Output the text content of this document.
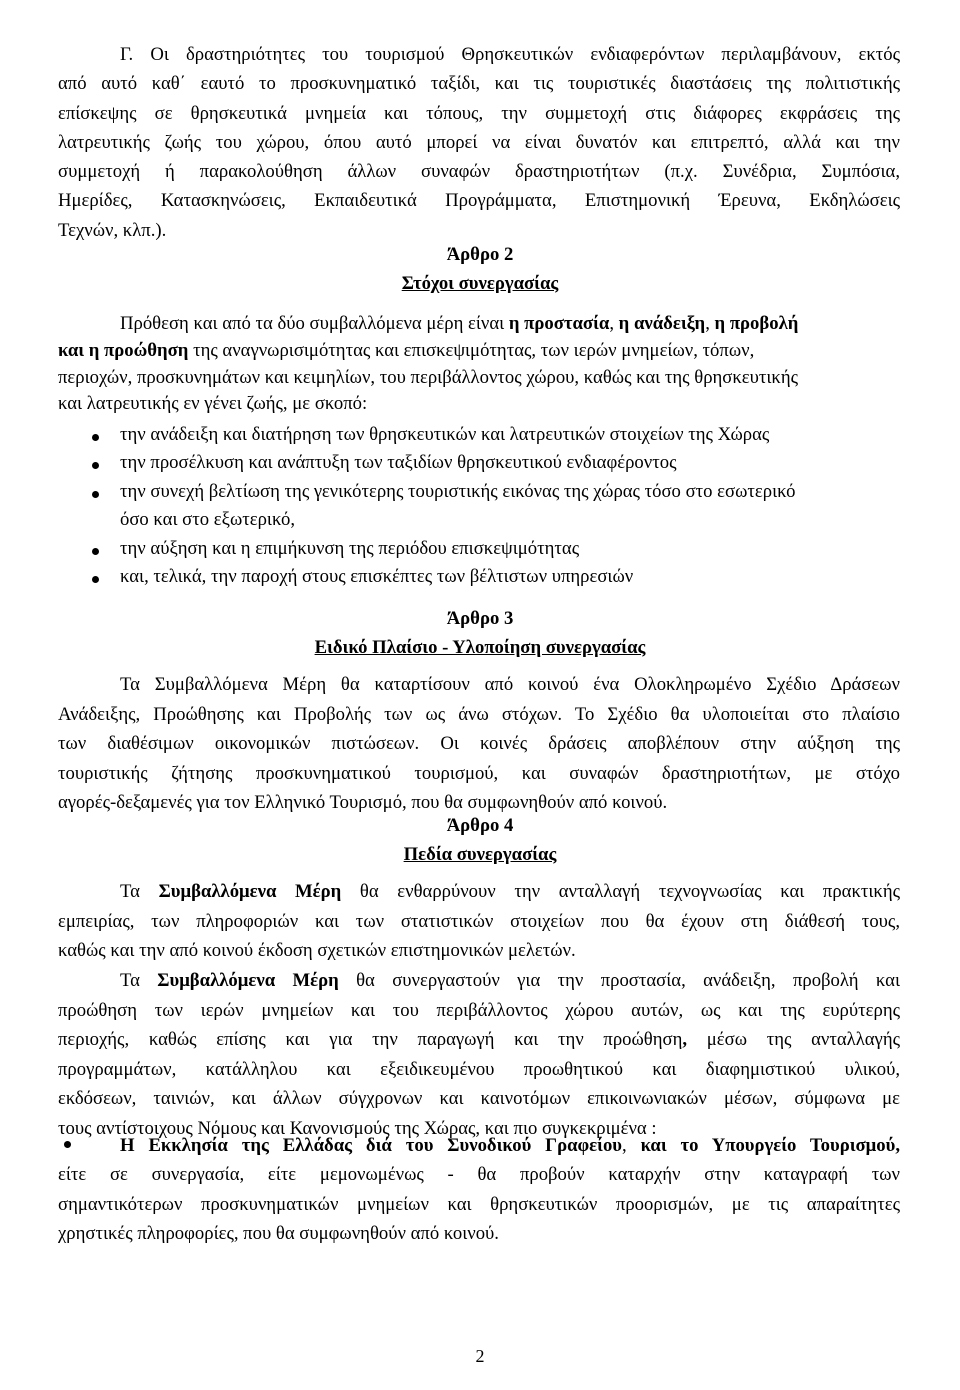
Γ. Οι δραστηριότητες του τουρισμού Θρησκευτικών ενδιαφερόντων περιλαμβάνουν, εκτός
από αυτό καθ΄ εαυτό το προσκυνηματικό ταξίδι, και τις τουριστικές διαστάσεις της πολιτιστικής
επίσκεψης σε θρησκευτικά μνημεία και τόπους, την συμμετοχή στις διάφορες εκφράσεις της
λατρευτικής ζωής του χώρου, όπου αυτό μπορεί να είναι δυνατόν και επιτρεπτό, αλλά και την
συμμετοχή ή παρακολούθηση άλλων συναφών δραστηριοτήτων (π.χ. Συνέδρια, Συμπόσια,
Ημερίδες, Κατασκηνώσεις, Εκπαιδευτικά Προγράμματα, Επιστημονική Έρευνα, Εκδηλώσεις
Τεχνών, κλπ.).
Άρθρο 2
Στόχοι συνεργασίας
Πρόθεση και από τα δύο συμβαλλόμενα μέρη είναι η προστασία, η ανάδειξη, η προβολή
και η προώθηση της αναγνωρισιμότητας και επισκεψιμότητας, των ιερών μνημείων, τόπων,
περιοχών, προσκυνημάτων και κειμηλίων, του περιβάλλοντος χώρου, καθώς και της θρησκευτικής
και λατρευτικής εν γένει ζωής, με σκοπό:
την ανάδειξη και διατήρηση των θρησκευτικών και λατρευτικών στοιχείων της Χώρας
την προσέλκυση και ανάπτυξη των ταξιδίων θρησκευτικού ενδιαφέροντος
την συνεχή βελτίωση της γενικότερης τουριστικής εικόνας της χώρας τόσο στο εσωτερικό
όσο και στο εξωτερικό,
την αύξηση και η επιμήκυνση της περιόδου επισκεψιμότητας
και, τελικά, την παροχή στους επισκέπτες των βέλτιστων υπηρεσιών
Άρθρο 3
Ειδικό Πλαίσιο - Υλοποίηση συνεργασίας
Τα Συμβαλλόμενα Μέρη θα καταρτίσουν από κοινού ένα Ολοκληρωμένο Σχέδιο Δράσεων
Ανάδειξης, Προώθησης και Προβολής των ως άνω στόχων. Το Σχέδιο θα υλοποιείται στο πλαίσιο
των διαθέσιμων οικονομικών πιστώσεων. Οι κοινές δράσεις αποβλέπουν στην αύξηση της
τουριστικής ζήτησης προσκυνηματικού τουρισμού, και συναφών δραστηριοτήτων, με στόχο
αγορές-δεξαμενές για τον Ελληνικό Τουρισμό, που θα συμφωνηθούν από κοινού.
Άρθρο 4
Πεδία συνεργασίας
Τα Συμβαλλόμενα Μέρη θα ενθαρρύνουν την ανταλλαγή τεχνογνωσίας και πρακτικής
εμπειρίας, των πληροφοριών και των στατιστικών στοιχείων που θα έχουν στη διάθεσή τους,
καθώς και την από κοινού έκδοση σχετικών επιστημονικών μελετών.
Τα Συμβαλλόμενα Μέρη θα συνεργαστούν για την προστασία, ανάδειξη, προβολή και
προώθηση των ιερών μνημείων και του περιβάλλοντος χώρου αυτών, ως και της ευρύτερης
περιοχής, καθώς επίσης και για την παραγωγή και την προώθηση, μέσω της ανταλλαγής
προγραμμάτων, κατάλληλου και εξειδικευμένου προωθητικού και διαφημιστικού υλικού,
εκδόσεων, ταινιών, και άλλων σύγχρονων και καινοτόμων επικοινωνιακών μέσων, σύμφωνα με
τους αντίστοιχους Νόμους και Κανονισμούς της Χώρας, και πιο συγκεκριμένα :
Η Εκκλησία της Ελλάδας διά του Συνοδικού Γραφείου, και το Υπουργείο Τουρισμού,
είτε σε συνεργασία, είτε μεμονωμένως - θα προβούν καταρχήν στην καταγραφή των
σημαντικότερων προσκυνηματικών μνημείων και θρησκευτικών προορισμών, με τις απαραίτητες
χρηστικές πληροφορίες, που θα συμφωνηθούν από κοινού.
2
